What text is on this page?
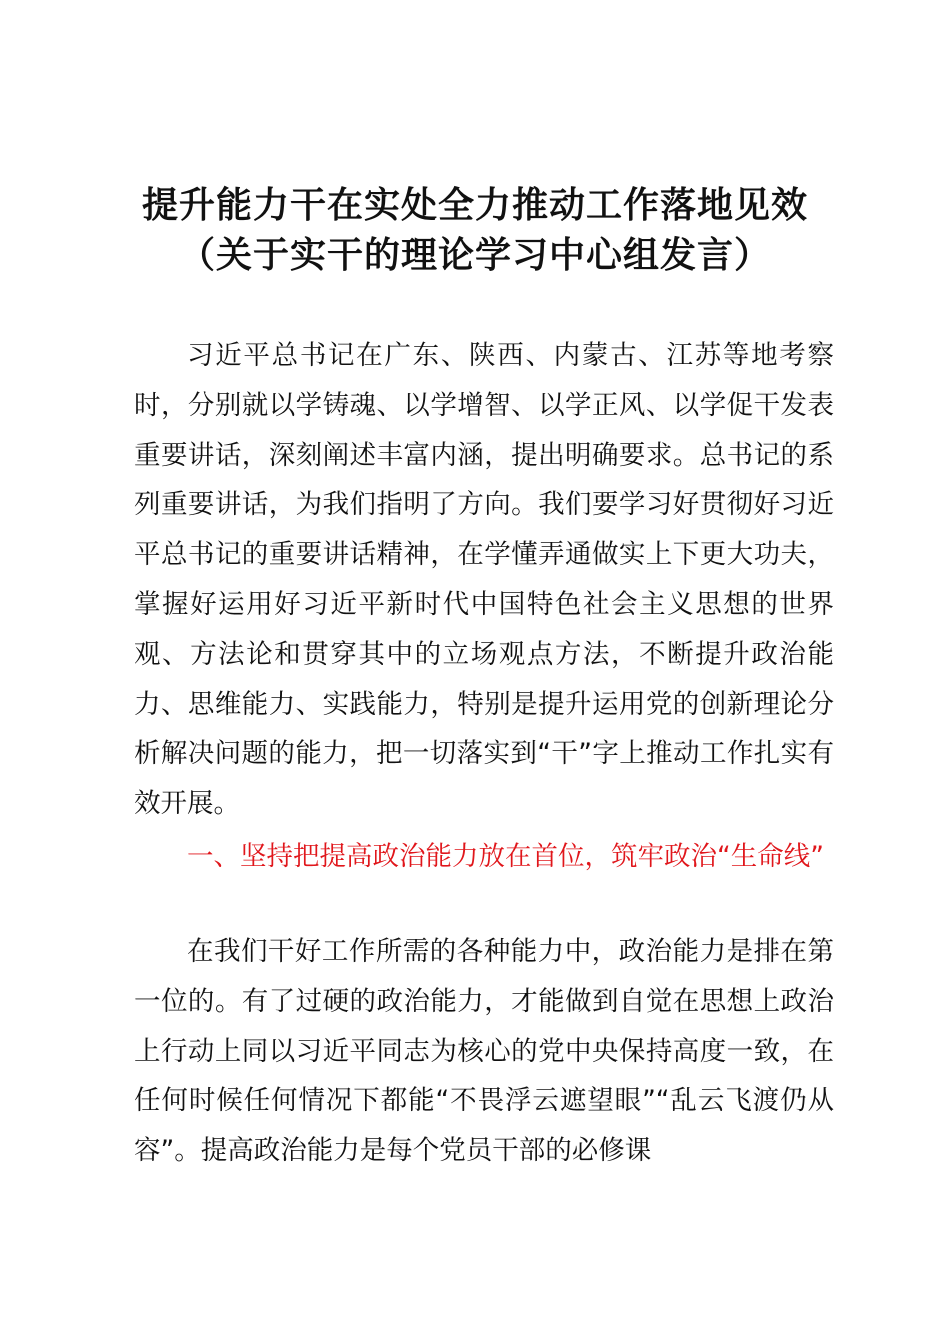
提升能力干在实处全力推动工作落地见效
（关于实干的理论学习中心组发言）
习近平总书记在广东、陕西、内蒙古、江苏等地考察时，分别就以学铸魂、以学增智、以学正风、以学促干发表重要讲话，深刻阐述丰富内涵，提出明确要求。总书记的系列重要讲话，为我们指明了方向。我们要学习好贯彻好习近平总书记的重要讲话精神，在学懂弄通做实上下更大功夫，掌握好运用好习近平新时代中国特色社会主义思想的世界观、方法论和贯穿其中的立场观点方法，不断提升政治能力、思维能力、实践能力，特别是提升运用党的创新理论分析解决问题的能力，把一切落实到“干”字上推动工作扎实有效开展。
一、坚持把提高政治能力放在首位，筑牢政治“生命线”
在我们干好工作所需的各种能力中，政治能力是排在第一位的。有了过硬的政治能力，才能做到自觉在思想上政治上行动上同以习近平同志为核心的党中央保持高度一致，在任何时候任何情况下都能“不畏浮云遮望眼”“乱云飞渡仍从容”。提高政治能力是每个党员干部的必修课
